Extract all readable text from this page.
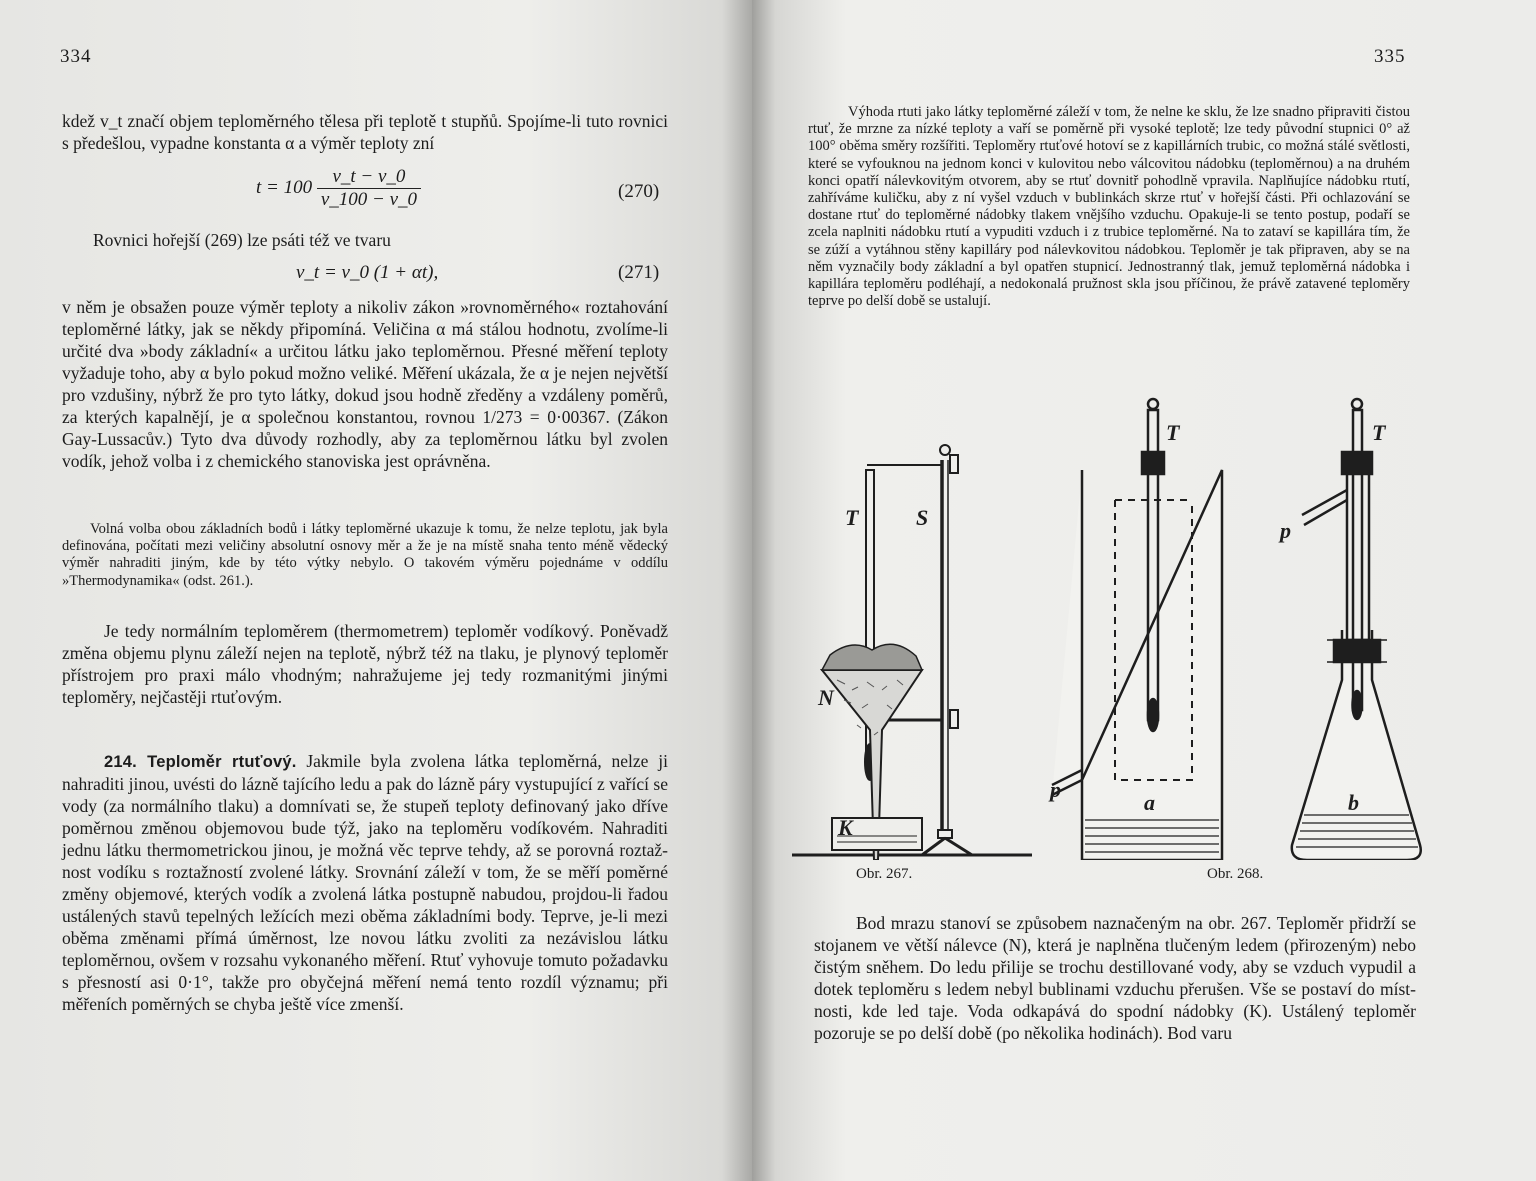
334

kdež v_t značí objem teploměrného tělesa při teplotě t stupňů. Spojíme-li tuto rovnici s předešlou, vypadne konstanta α a výměr teploty zní

$t = 100 \frac{v\_t - v\_0}{v\_100 - v\_0}$	(270)

Rovnici hořejší (269) lze psáti též ve tvaru

v_t = v_0 (1 + αt),	(271)

v něm je obsažen pouze výměr teploty a nikoliv zákon »rovnoměrného« roztahování teploměrné látky, jak se někdy připomíná. Veličina α má stálou hodnotu, zvolíme-li určité dva »body základní« a určitou látku jako teploměrnou. Přesné měření teploty vyžaduje toho, aby α bylo pokud možno veliké. Měření ukázala, že α je nejen největší pro vzdušiny, nýbrž že pro tyto látky, dokud jsou hodně zředěny a vzdáleny poměrů, za kterých kapalnějí, je α společnou konstantou, rovnou 1/273 = 0·00367. (Zákon Gay-Lussacův.) Tyto dva důvody rozhodly, aby za teploměrnou látku byl zvolen vodík, jehož volba i z chemického stanoviska jest oprávněna.

Volná volba obou základních bodů i látky teploměrné ukazuje k tomu, že nelze teplotu, jak byla definována, počítati mezi veličiny absolutní osnovy měr a že je na místě snaha tento méně vědecký výměr nahraditi jiným, kde by této výtky nebylo. O takovém výměru pojednáme v oddílu »Thermodynamika« (odst. 261.).

Je tedy normálním teploměrem (thermometrem) teploměr vodíkový. Poněvadž změna objemu plynu záleží nejen na teplotě, nýbrž též na tlaku, je plynový teploměr přístrojem pro praxi málo vhodným; nahražujeme jej tedy rozmanitými jinými teploměry, nejčastěji rtuťovým.

214. Teploměr rtuťový. Jakmile byla zvolena látka teploměrná, nelze ji nahraditi jinou, uvésti do lázně tajícího ledu a pak do lázně páry vystupující z vařící se vody (za normálního tlaku) a domnívati se, že stupeň teploty definovaný jako dříve poměrnou změnou objemovou bude týž, jako na teploměru vodíkovém. Nahraditi jednu látku thermometrickou jinou, je možná věc teprve tehdy, až se porovná roztažnost vodíku s roztažností zvolené látky. Srovnání záleží v tom, že se měří poměrné změny objemové, kterých vodík a zvolená látka postupně nabudou, projdou-li řadou ustálených stavů tepelných ležících mezi oběma základními body. Teprve, je-li mezi oběma změnami přímá úměrnost, lze novou látku zvoliti za nezávislou látku teploměrnou, ovšem v rozsahu vykonaného měření. Rtuť vyhovuje tomuto požadavku s přesností asi 0·1°, takže pro obyčejná měření nemá tento rozdíl významu; při měřeních poměrných se chyba ještě více zmenší.

335

Výhoda rtuti jako látky teploměrné záleží v tom, že nelne ke sklu, že lze snadno připraviti čistou rtuť, že mrzne za nízké teploty a vaří se poměrně při vysoké teplotě; lze tedy původní stupnici 0° až 100° oběma směry rozšířiti. Teploměry rtuťové hotoví se z kapillárních trubic, co možná stálé světlosti, které se vyfouknou na jednom konci v kulovitou nebo válcovitou nádobku (teploměrnou) a na druhém konci opatří nálevkovitým otvorem, aby se rtuť dovnitř pohodlně vpravila. Naplňujíce nádobku rtutí, zahříváme kuličku, aby z ní vyšel vzduch v bublinkách skrze rtuť v hořejší části. Při ochlazování se dostane rtuť do teploměrné nádobky tlakem vnějšího vzduchu. Opakuje-li se tento postup, podaří se zcela naplniti nádobku rtutí a vypuditi vzduch i z trubice teploměrné. Na to zataví se kapillára tím, že se zúží a vytáhnou stěny kapilláry pod nálevkovitou nádobkou. Teploměr je tak připraven, aby se na něm vyznačily body základní a byl opatřen stupnicí. Jednostranný tlak, jemuž teploměrná nádobka i kapillára teploměru podléhají, a nedokonalá pružnost skla jsou příčinou, že právě zatavené teploměry teprve po delší době se ustalují.

T	S
N
K
T
p
a
T
p
b
Obr. 267.	Obr. 268.

Bod mrazu stanoví se způsobem naznačeným na obr. 267. Teploměr přidrží se stojanem ve větší nálevce (N), která je naplněna tlučeným ledem (přirozeným) nebo čistým sněhem. Do ledu přilije se trochu destillované vody, aby se vzduch vypudil a dotek teploměru s ledem nebyl bublinami vzduchu přerušen. Vše se postaví do místnosti, kde led taje. Voda odkapává do spodní nádobky (K). Ustálený teploměr pozoruje se po delší době (po několika hodinách). Bod varu
